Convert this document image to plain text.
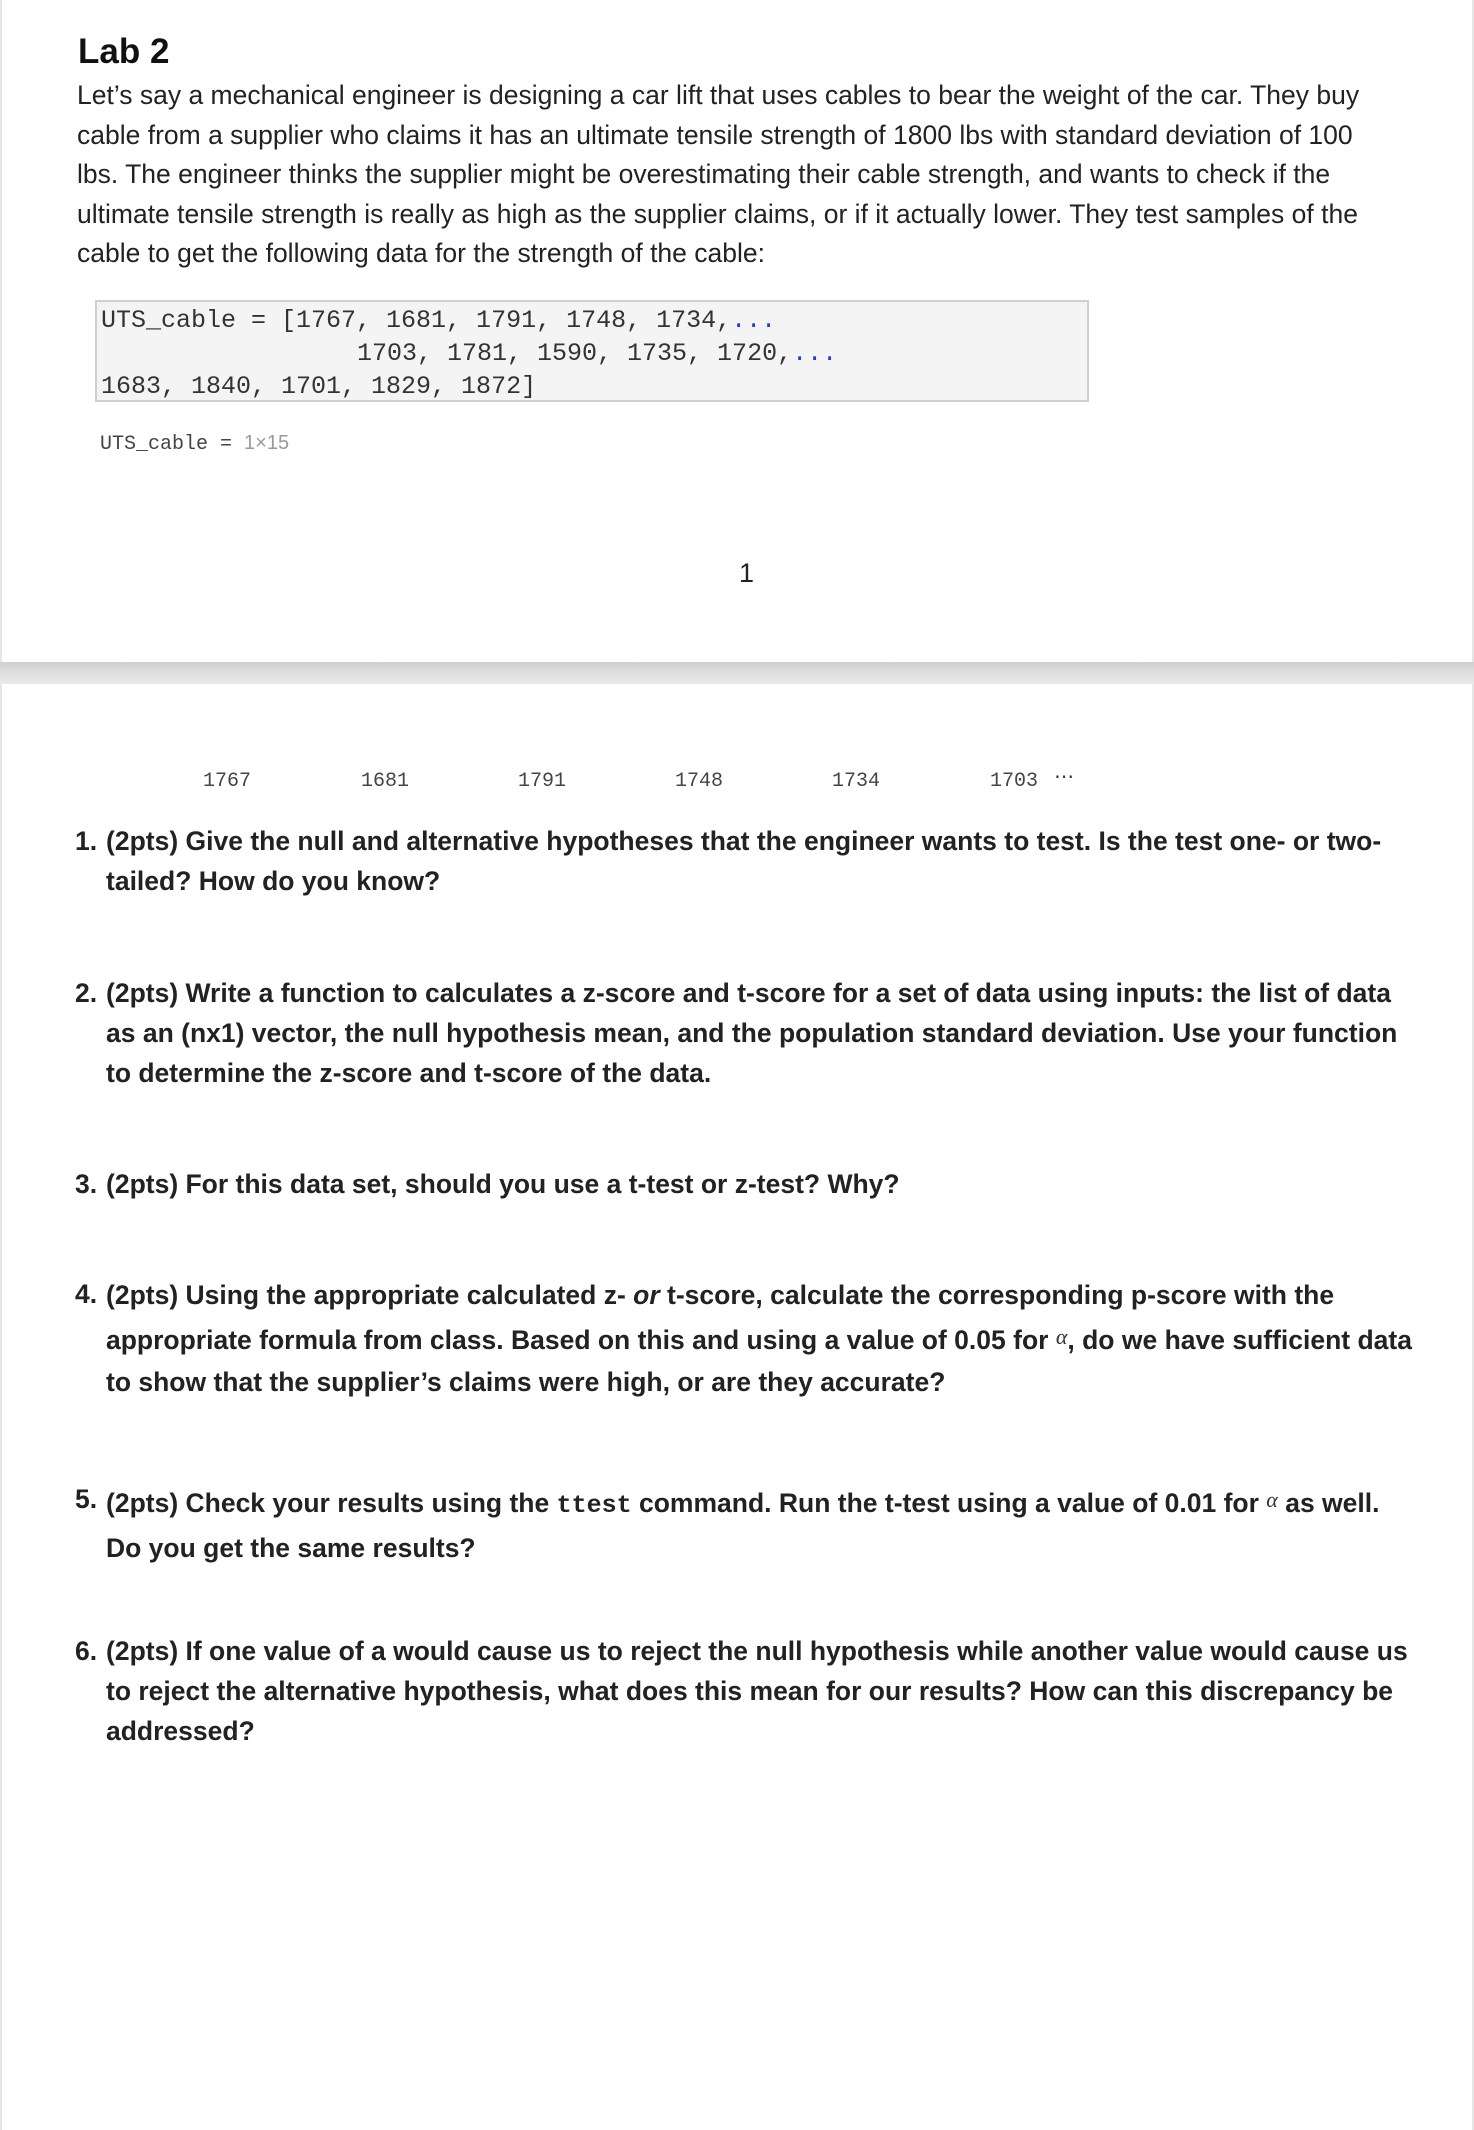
Lab 2

Let’s say a mechanical engineer is designing a car lift that uses cables to bear the weight of the car. They buy cable from a supplier who claims it has an ultimate tensile strength of 1800 lbs with standard deviation of 100 lbs. The engineer thinks the supplier might be overestimating their cable strength, and wants to check if the ultimate tensile strength is really as high as the supplier claims, or if it actually lower. They test samples of the cable to get the following data for the strength of the cable:

UTS_cable = [1767, 1681, 1791, 1748, 1734,...
1703, 1781, 1590, 1735, 1720,...
1683, 1840, 1701, 1829, 1872]
UTS_cable = 1×15
1
1767	1681	1791	1748	1734	1703 ⋯
1. (2pts) Give the null and alternative hypotheses that the engineer wants to test. Is the test one- or two-tailed? How do you know?
2. (2pts) Write a function to calculates a z-score and t-score for a set of data using inputs: the list of data as an (nx1) vector, the null hypothesis mean, and the population standard deviation. Use your function to determine the z-score and t-score of the data.
3. (2pts) For this data set, should you use a t-test or z-test? Why?
4. (2pts) Using the appropriate calculated z- or t-score, calculate the corresponding p-score with the appropriate formula from class. Based on this and using a value of 0.05 for α, do we have sufficient data to show that the supplier’s claims were high, or are they accurate?
5. (2pts) Check your results using the ttest command. Run the t-test using a value of 0.01 for α as well. Do you get the same results?
6. (2pts) If one value of a would cause us to reject the null hypothesis while another value would cause us to reject the alternative hypothesis, what does this mean for our results? How can this discrepancy be addressed?
